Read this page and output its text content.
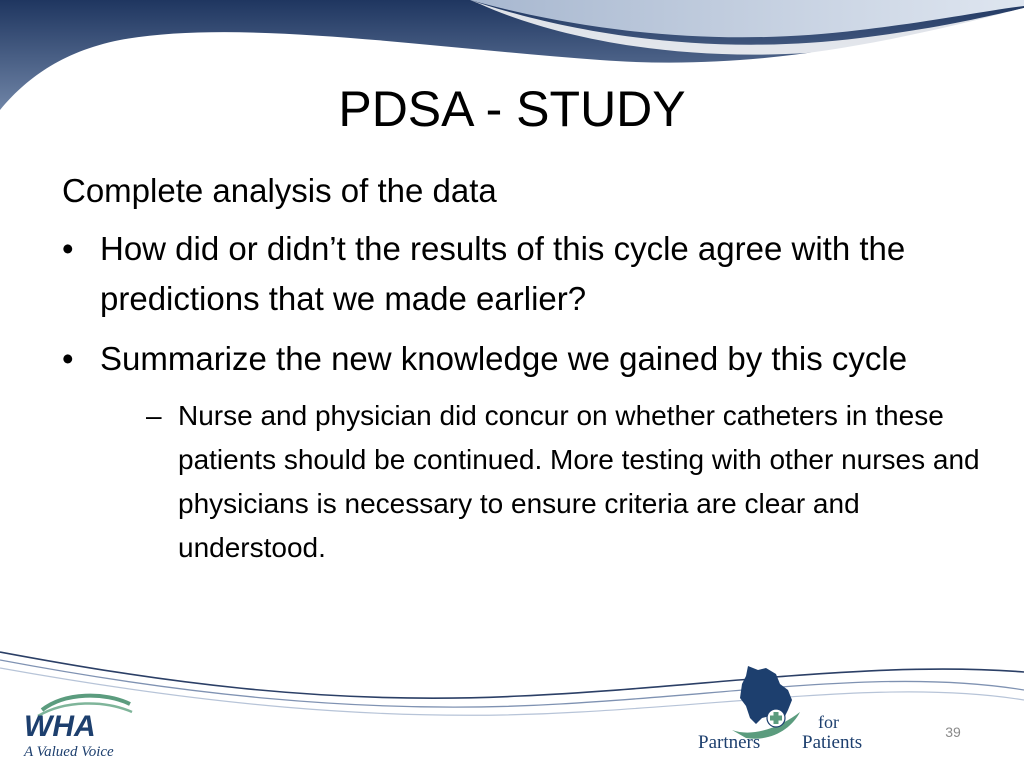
PDSA - STUDY

Complete analysis of the data

• How did or didn’t the results of this cycle agree with the predictions that we made earlier?
• Summarize the new knowledge we gained by this cycle
– Nurse and physician did concur on whether catheters in these patients should be continued. More testing with other nurses and physicians is necessary to ensure criteria are clear and understood.
WHA
A Valued Voice
for
Partners Patients	39
